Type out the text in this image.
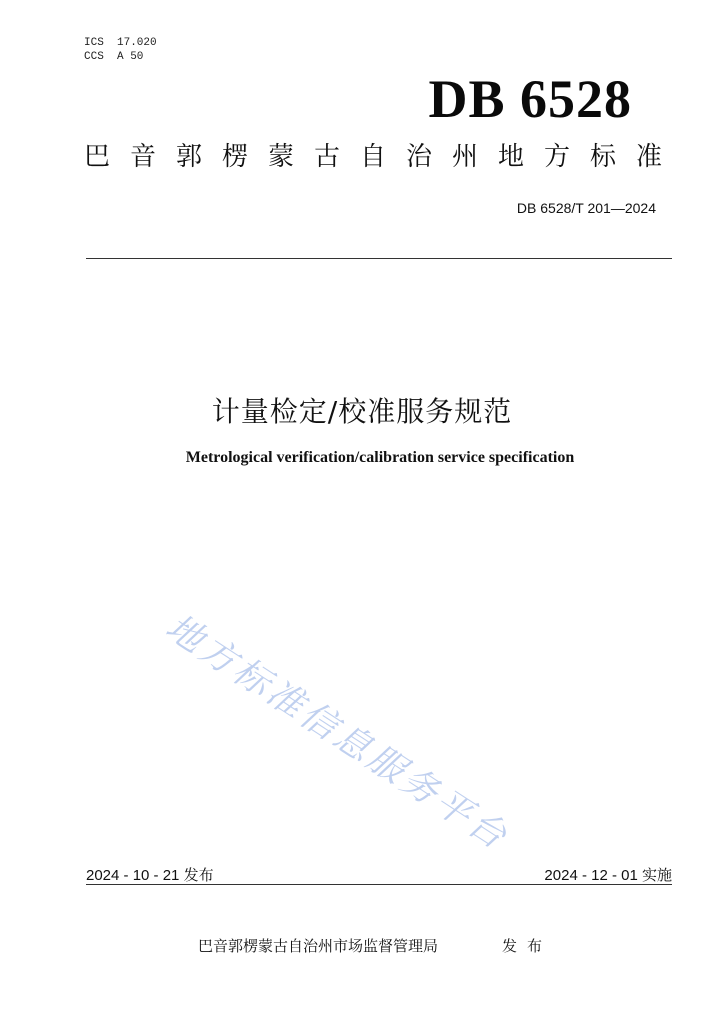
ICS  17.020
CCS  A 50
DB 6528
巴音郭楞蒙古自治州地方标准
DB 6528/T 201—2024
计量检定/校准服务规范
Metrological verification/calibration service specification
地方标准信息服务平台
2024 - 10 - 21 发布	2024 - 12 - 01 实施
巴音郭楞蒙古自治州市场监督管理局	发布
